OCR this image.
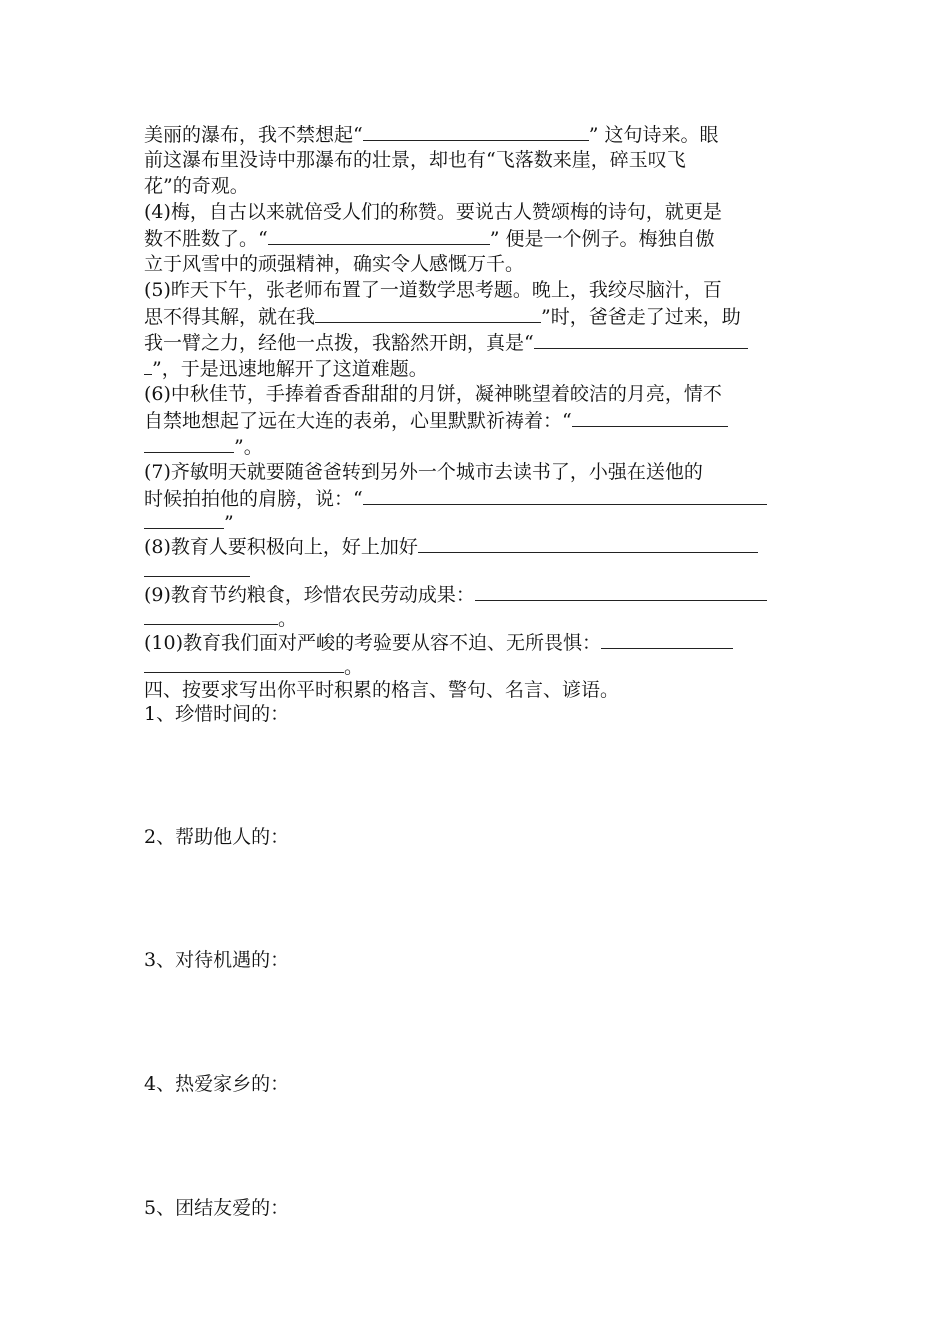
美丽的瀑布，我不禁想起“	” 这句诗来。眼
前这瀑布里没诗中那瀑布的壮景，却也有“飞落数来崖，碎玉叹飞
花”的奇观。
(4)梅，自古以来就倍受人们的称赞。要说古人赞颂梅的诗句，就更是
数不胜数了。“	” 便是一个例子。梅独自傲
立于风雪中的顽强精神，确实令人感慨万千。
(5)昨天下午，张老师布置了一道数学思考题。晚上，我绞尽脑汁，百
思不得其解，就在我	”时，爸爸走了过来，助
我一臂之力，经他一点拨，我豁然开朗，真是“
”，于是迅速地解开了这道难题。
(6)中秋佳节，手捧着香香甜甜的月饼，凝神眺望着皎洁的月亮，情不
自禁地想起了远在大连的表弟，心里默默祈祷着：“
”。
(7)齐敏明天就要随爸爸转到另外一个城市去读书了，小强在送他的
时候拍拍他的肩膀，说：“
”
(8)教育人要积极向上，好上加好
(9)教育节约粮食，珍惜农民劳动成果：
。
(10)教育我们面对严峻的考验要从容不迫、无所畏惧：
。
四、按要求写出你平时积累的格言、警句、名言、谚语。
1、珍惜时间的：
2、帮助他人的：
3、对待机遇的：
4、热爱家乡的：
5、团结友爱的：
